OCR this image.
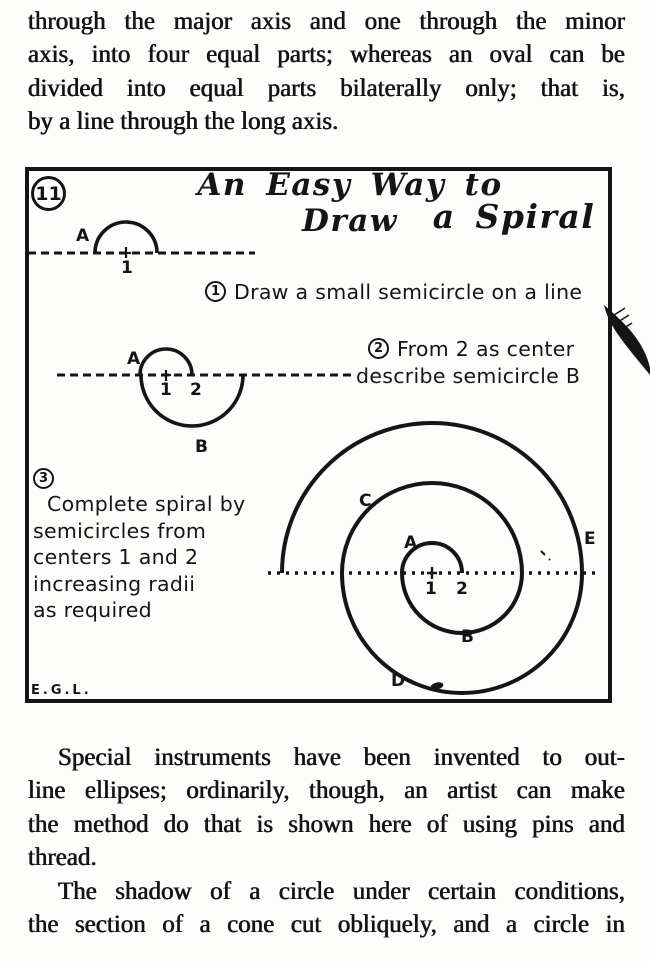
through the major axis and one through the minor
axis, into four equal parts; whereas an oval can be
divided into equal parts bilaterally only; that is,
by a line through the long axis.
11	An Easy Way to Draw	a Spiral
A
1
1 Draw a small semicircle on a line
A
1 2
B
2 From 2 as center
describe semicircle B
3
Complete spiral by
semicircles from
centers 1 and 2
increasing radii
as required
A
C
E
1 2
B
D
E.G.L.
Special instruments have been invented to out-
line ellipses; ordinarily, though, an artist can make
the method do that is shown here of using pins and
thread.
The shadow of a circle under certain conditions,
the section of a cone cut obliquely, and a circle in
